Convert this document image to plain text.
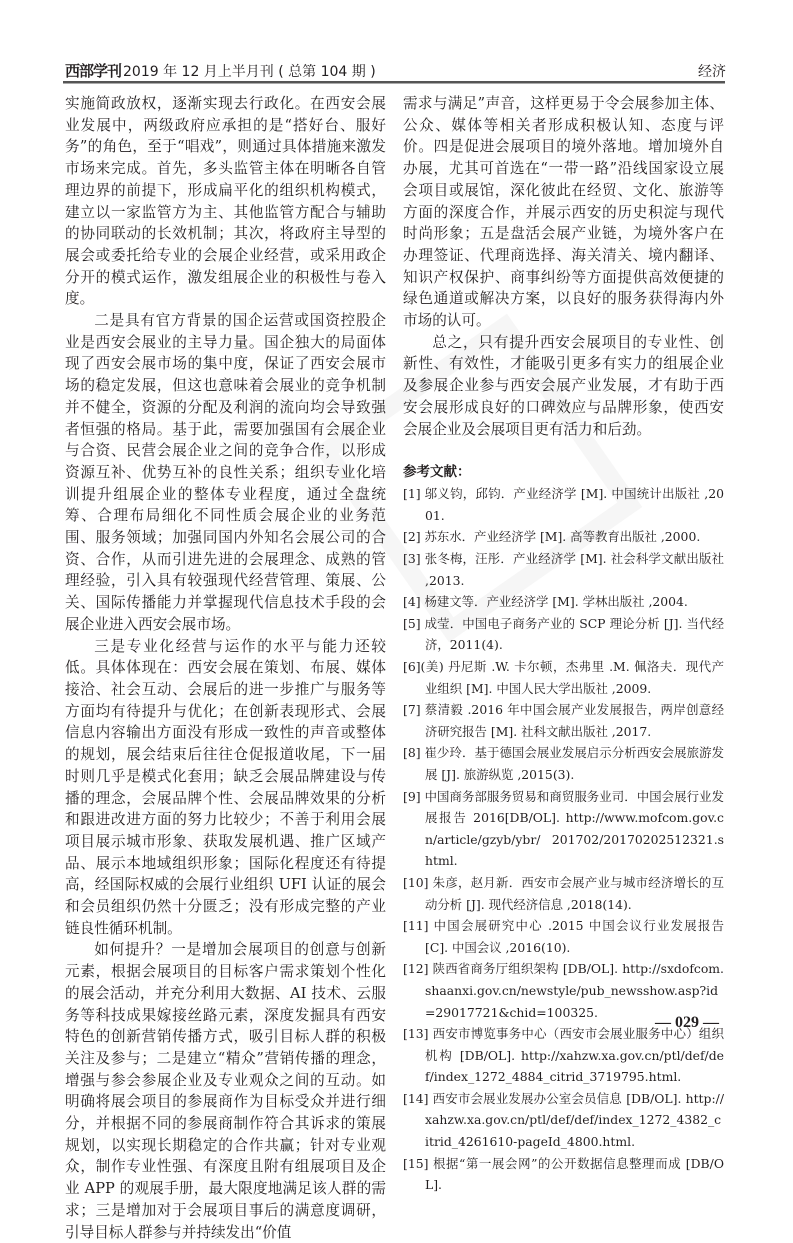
西部学刊 2019 年 12 月上半月刊 ( 总第 104 期 )	经济

实施简政放权，逐渐实现去行政化。在西安会展业发展中，两级政府应承担的是“搭好台、服好务”的角色，至于“唱戏”，则通过具体措施来激发市场来完成。首先，多头监管主体在明晰各自管理边界的前提下，形成扁平化的组织机构模式，建立以一家监管方为主、其他监管方配合与辅助的协同联动的长效机制；其次，将政府主导型的展会或委托给专业的会展企业经营，或采用政企分开的模式运作，激发组展企业的积极性与卷入度。

二是具有官方背景的国企运营或国资控股企业是西安会展业的主导力量。国企独大的局面体现了西安会展市场的集中度，保证了西安会展市场的稳定发展，但这也意味着会展业的竞争机制并不健全，资源的分配及利润的流向均会导致强者恒强的格局。基于此，需要加强国有会展企业与合资、民营会展企业之间的竞争合作，以形成资源互补、优势互补的良性关系；组织专业化培训提升组展企业的整体专业程度，通过全盘统筹、合理布局细化不同性质会展企业的业务范围、服务领域；加强同国内外知名会展公司的合资、合作，从而引进先进的会展理念、成熟的管理经验，引入具有较强现代经营管理、策展、公关、国际传播能力并掌握现代信息技术手段的会展企业进入西安会展市场。

三是专业化经营与运作的水平与能力还较低。具体体现在：西安会展在策划、布展、媒体接洽、社会互动、会展后的进一步推广与服务等方面均有待提升与优化；在创新表现形式、会展信息内容输出方面没有形成一致性的声音或整体的规划，展会结束后往往仓促报道收尾，下一届时则几乎是模式化套用；缺乏会展品牌建设与传播的理念，会展品牌个性、会展品牌效果的分析和跟进改进方面的努力比较少；不善于利用会展项目展示城市形象、获取发展机遇、推广区域产品、展示本地域组织形象；国际化程度还有待提高，经国际权威的会展行业组织 UFI 认证的展会和会员组织仍然十分匮乏；没有形成完整的产业链良性循环机制。

如何提升？一是增加会展项目的创意与创新元素，根据会展项目的目标客户需求策划个性化的展会活动，并充分利用大数据、AI 技术、云服务等科技成果嫁接丝路元素，深度发掘具有西安特色的创新营销传播方式，吸引目标人群的积极关注及参与；二是建立“精众”营销传播的理念，增强与参会参展企业及专业观众之间的互动。如明确将展会项目的参展商作为目标受众并进行细分，并根据不同的参展商制作符合其诉求的策展规划，以实现长期稳定的合作共赢；针对专业观众，制作专业性强、有深度且附有组展项目及企业 APP 的观展手册，最大限度地满足该人群的需求；三是增加对于会展项目事后的满意度调研，引导目标人群参与并持续发出“价值

需求与满足”声音，这样更易于令会展参加主体、公众、媒体等相关者形成积极认知、态度与评价。四是促进会展项目的境外落地。增加境外自办展，尤其可首选在“一带一路”沿线国家设立展会项目或展馆，深化彼此在经贸、文化、旅游等方面的深度合作，并展示西安的历史积淀与现代时尚形象；五是盘活会展产业链，为境外客户在办理签证、代理商选择、海关清关、境内翻译、知识产权保护、商事纠纷等方面提供高效便捷的绿色通道或解决方案，以良好的服务获得海内外市场的认可。

总之，只有提升西安会展项目的专业性、创新性、有效性，才能吸引更多有实力的组展企业及参展企业参与西安会展产业发展，才有助于西安会展形成良好的口碑效应与品牌形象，使西安会展企业及会展项目更有活力和后劲。

参考文献：
[1] 邬义钧，邱钧．产业经济学 [M]. 中国统计出版社 ,2001.
[2] 苏东水．产业经济学 [M]. 高等教育出版社 ,2000.
[3] 张冬梅，汪彤．产业经济学 [M]. 社会科学文献出版社 ,2013.
[4] 杨建文等．产业经济学 [M]. 学林出版社 ,2004.
[5] 成莹．中国电子商务产业的 SCP 理论分析 [J]. 当代经济，2011(4).
[6](美) 丹尼斯 .W. 卡尔顿，杰弗里 .M. 佩洛夫．现代产业组织 [M]. 中国人民大学出版社 ,2009.
[7] 蔡清毅 .2016 年中国会展产业发展报告，两岸创意经济研究报告 [M]. 社科文献出版社 ,2017.
[8] 崔少玲．基于德国会展业发展启示分析西安会展旅游发展 [J]. 旅游纵览 ,2015(3).
[9] 中国商务部服务贸易和商贸服务业司．中国会展行业发展报告 2016[DB/OL]. http://www.mofcom.gov.cn/article/gzyb/ybr/ 201702/20170202512321.shtml.
[10] 朱彦，赵月新．西安市会展产业与城市经济增长的互动分析 [J]. 现代经济信息 ,2018(14).
[11] 中国会展研究中心 .2015 中国会议行业发展报告 [C]. 中国会议 ,2016(10).
[12] 陕西省商务厅组织架构 [DB/OL]. http://sxdofcom.shaanxi.gov.cn/newstyle/pub_newsshow.asp?id=29017721&chid=100325.
[13] 西安市博览事务中心（西安市会展业服务中心）组织机构 [DB/OL]. http://xahzw.xa.gov.cn/ptl/def/def/index_1272_4884_citrid_3719795.html.
[14] 西安市会展业发展办公室会员信息 [DB/OL]. http://xahzw.xa.gov.cn/ptl/def/def/index_1272_4382_citrid_4261610-pageId_4800.html.
[15] 根据“第一展会网”的公开数据信息整理而成 [DB/OL].
— 029 —
